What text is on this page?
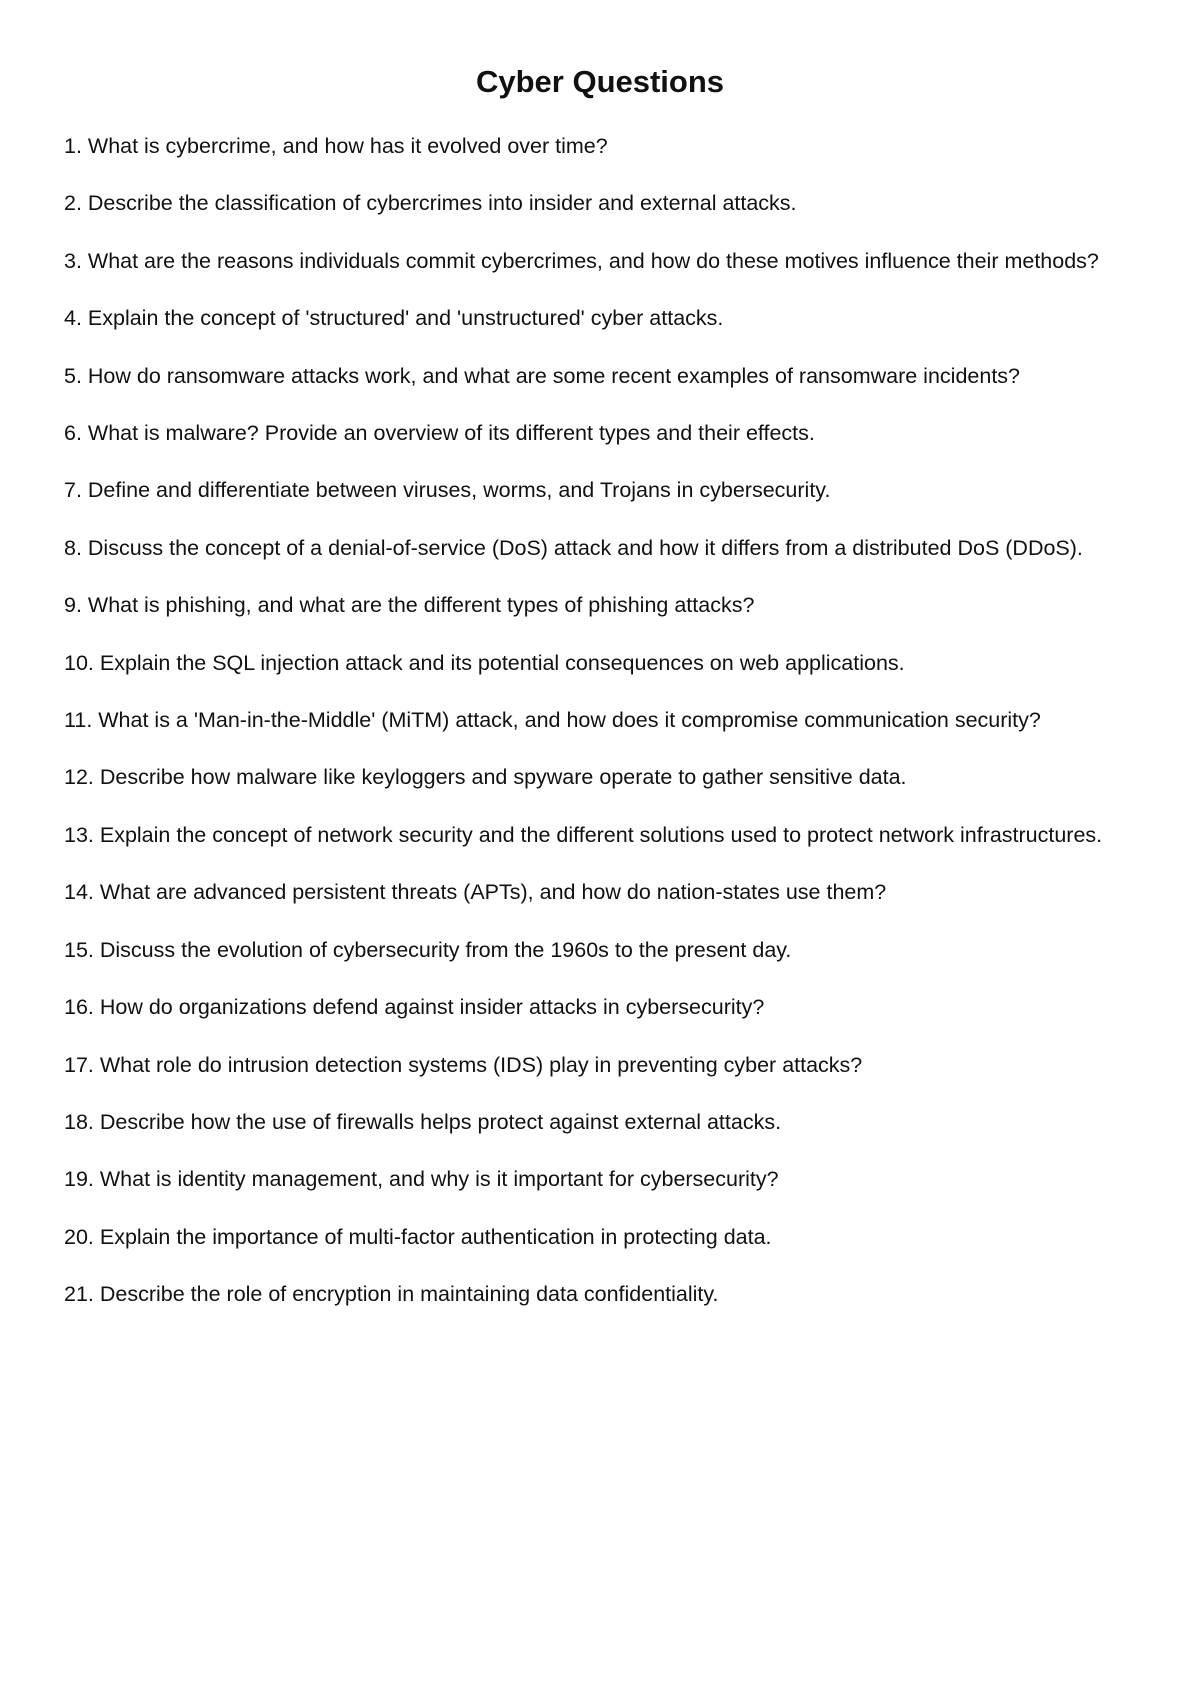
Cyber Questions
1. What is cybercrime, and how has it evolved over time?
2. Describe the classification of cybercrimes into insider and external attacks.
3. What are the reasons individuals commit cybercrimes, and how do these motives influence their methods?
4. Explain the concept of 'structured' and 'unstructured' cyber attacks.
5. How do ransomware attacks work, and what are some recent examples of ransomware incidents?
6. What is malware? Provide an overview of its different types and their effects.
7. Define and differentiate between viruses, worms, and Trojans in cybersecurity.
8. Discuss the concept of a denial-of-service (DoS) attack and how it differs from a distributed DoS (DDoS).
9. What is phishing, and what are the different types of phishing attacks?
10. Explain the SQL injection attack and its potential consequences on web applications.
11. What is a 'Man-in-the-Middle' (MiTM) attack, and how does it compromise communication security?
12. Describe how malware like keyloggers and spyware operate to gather sensitive data.
13. Explain the concept of network security and the different solutions used to protect network infrastructures.
14. What are advanced persistent threats (APTs), and how do nation-states use them?
15. Discuss the evolution of cybersecurity from the 1960s to the present day.
16. How do organizations defend against insider attacks in cybersecurity?
17. What role do intrusion detection systems (IDS) play in preventing cyber attacks?
18. Describe how the use of firewalls helps protect against external attacks.
19. What is identity management, and why is it important for cybersecurity?
20. Explain the importance of multi-factor authentication in protecting data.
21. Describe the role of encryption in maintaining data confidentiality.
